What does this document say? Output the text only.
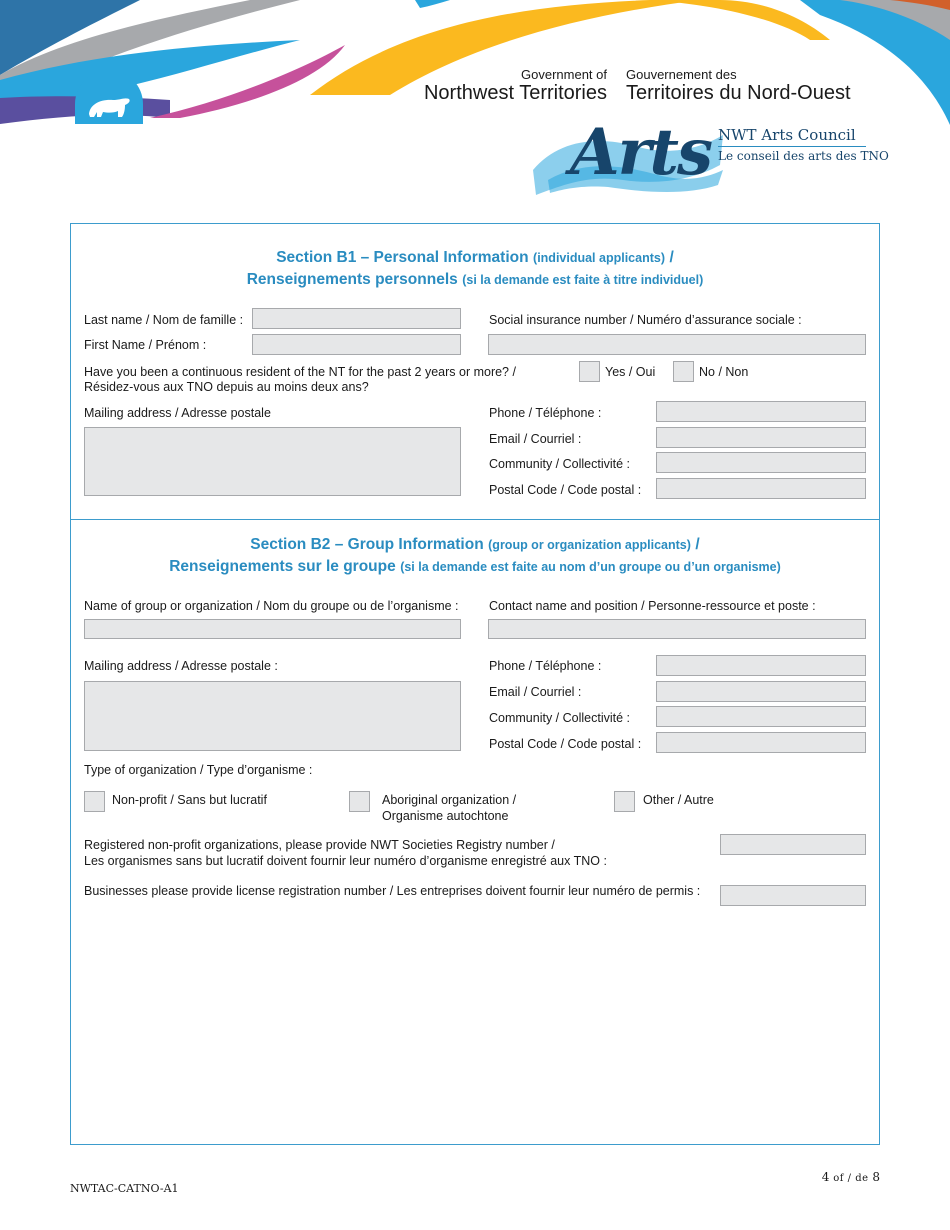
Government of
Northwest Territories
Gouvernement des
Territoires du Nord-Ouest
Arts NWT Arts Council
Le conseil des arts des TNO
Section B1 – Personal Information (individual applicants) /
Renseignements personnels (si la demande est faite à titre individuel)
Last name / Nom de famille :
First Name / Prénom :
Social insurance number / Numéro d’assurance sociale :
Have you been a continuous resident of the NT for the past 2 years or more? /
Résidez-vous aux TNO depuis au moins deux ans?
Yes / Oui	No / Non
Mailing address / Adresse postale	Phone / Téléphone :
Email / Courriel :
Community / Collectivité :
Postal Code / Code postal :
Section B2 – Group Information (group or organization applicants) /
Renseignements sur le groupe (si la demande est faite au nom d’un groupe ou d’un organisme)
Name of group or organization / Nom du groupe ou de l’organisme : Contact name and position / Personne-ressource et poste :
Mailing address / Adresse postale :	Phone / Téléphone :
Email / Courriel :
Community / Collectivité :
Postal Code / Code postal :
Type of organization / Type d’organisme :
Non-profit / Sans but lucratif	Aboriginal organization /
Organisme autochtone
Other / Autre
Registered non-profit organizations, please provide NWT Societies Registry number /
Les organismes sans but lucratif doivent fournir leur numéro d’organisme enregistré aux TNO :
Businesses please provide license registration number / Les entreprises doivent fournir leur numéro de permis :
NWTAC-CATNO-A1
4 of / de 8
